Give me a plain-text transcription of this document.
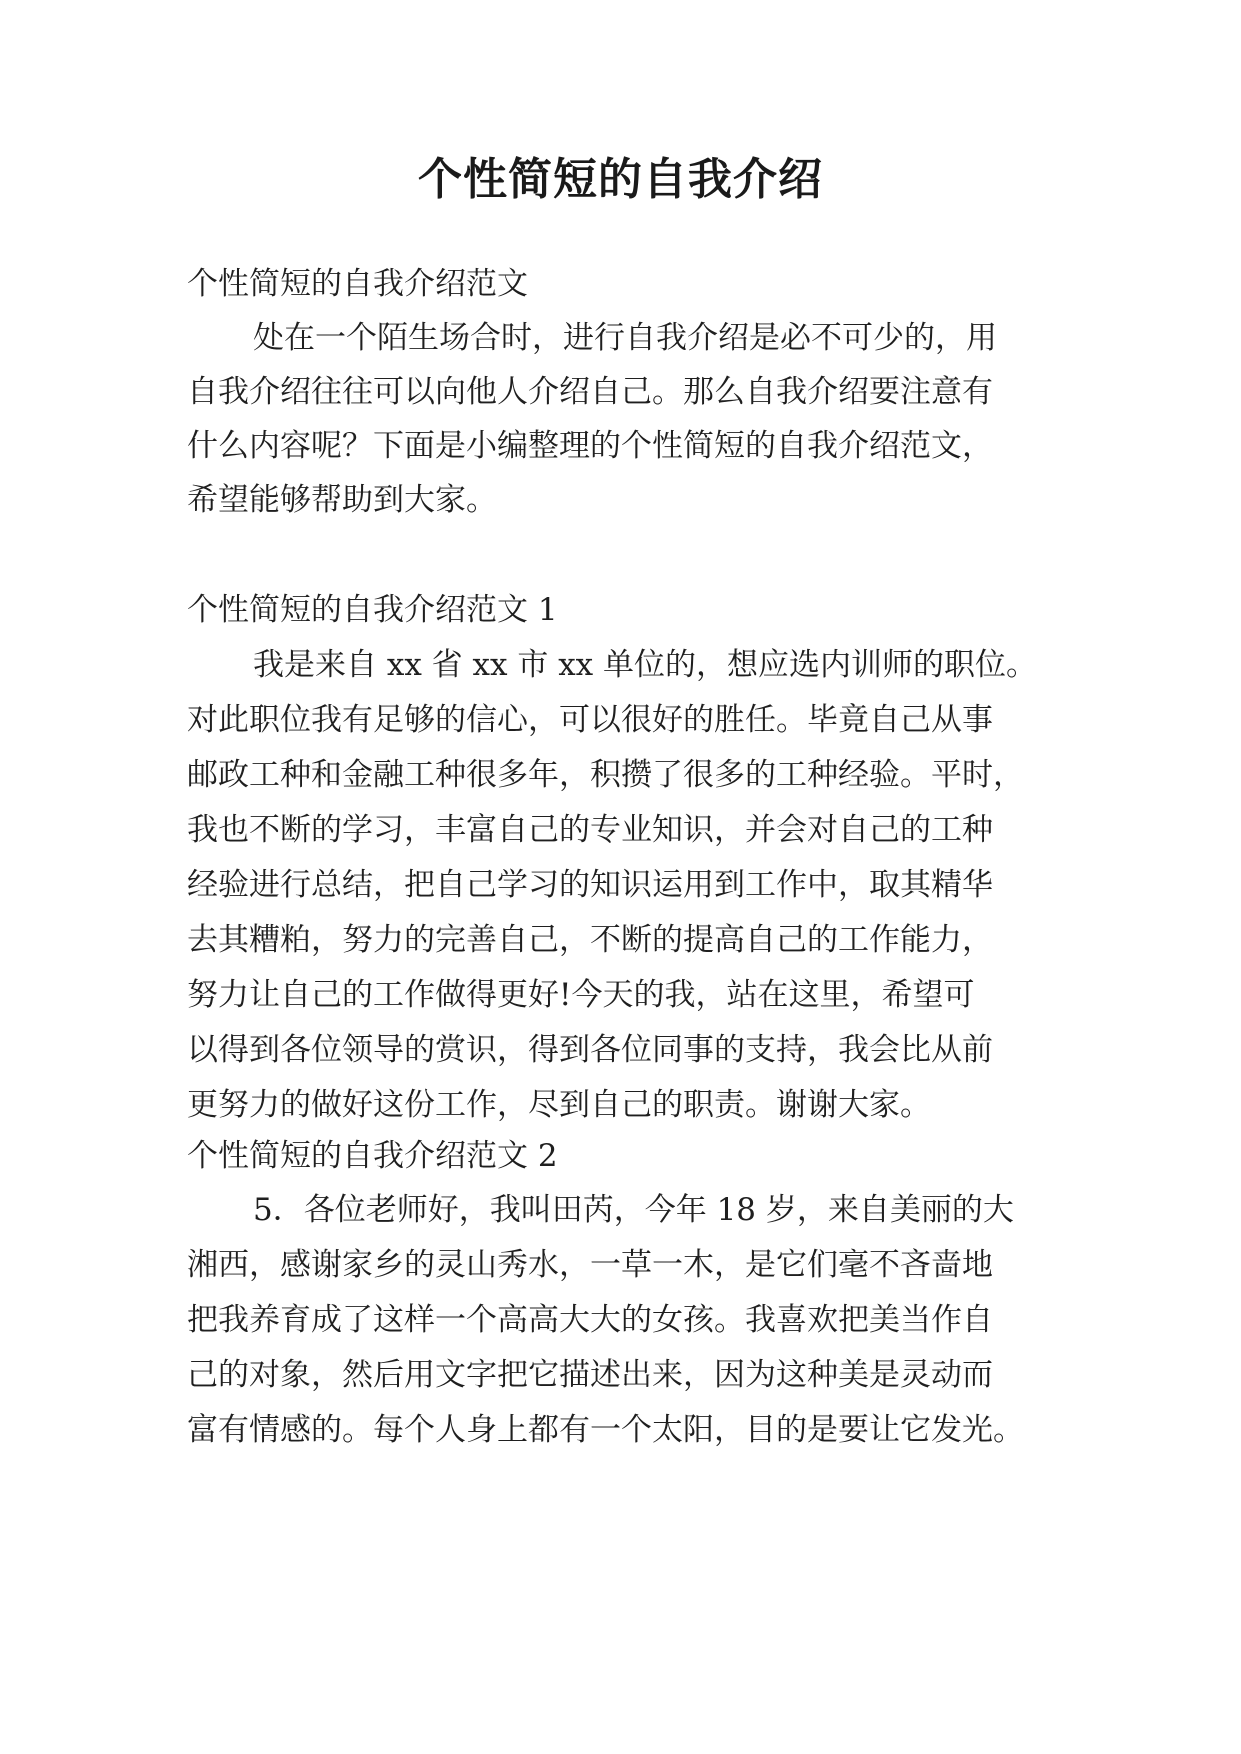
个性简短的自我介绍
个性简短的自我介绍范文
处在一个陌生场合时，进行自我介绍是必不可少的，用
自我介绍往往可以向他人介绍自己。那么自我介绍要注意有
什么内容呢？下面是小编整理的个性简短的自我介绍范文，
希望能够帮助到大家。
个性简短的自我介绍范文 1
我是来自 xx 省 xx 市 xx 单位的，想应选内训师的职位。
对此职位我有足够的信心，可以很好的胜任。毕竟自己从事
邮政工种和金融工种很多年，积攒了很多的工种经验。平时，
我也不断的学习，丰富自己的专业知识，并会对自己的工种
经验进行总结，把自己学习的知识运用到工作中，取其精华
去其糟粕，努力的完善自己，不断的提高自己的工作能力，
努力让自己的工作做得更好!今天的我，站在这里，希望可
以得到各位领导的赏识，得到各位同事的支持，我会比从前
更努力的做好这份工作，尽到自己的职责。谢谢大家。
个性简短的自我介绍范文 2
5．各位老师好，我叫田芮，今年 18 岁，来自美丽的大
湘西，感谢家乡的灵山秀水，一草一木，是它们毫不吝啬地
把我养育成了这样一个高高大大的女孩。我喜欢把美当作自
己的对象，然后用文字把它描述出来，因为这种美是灵动而
富有情感的。每个人身上都有一个太阳，目的是要让它发光。
